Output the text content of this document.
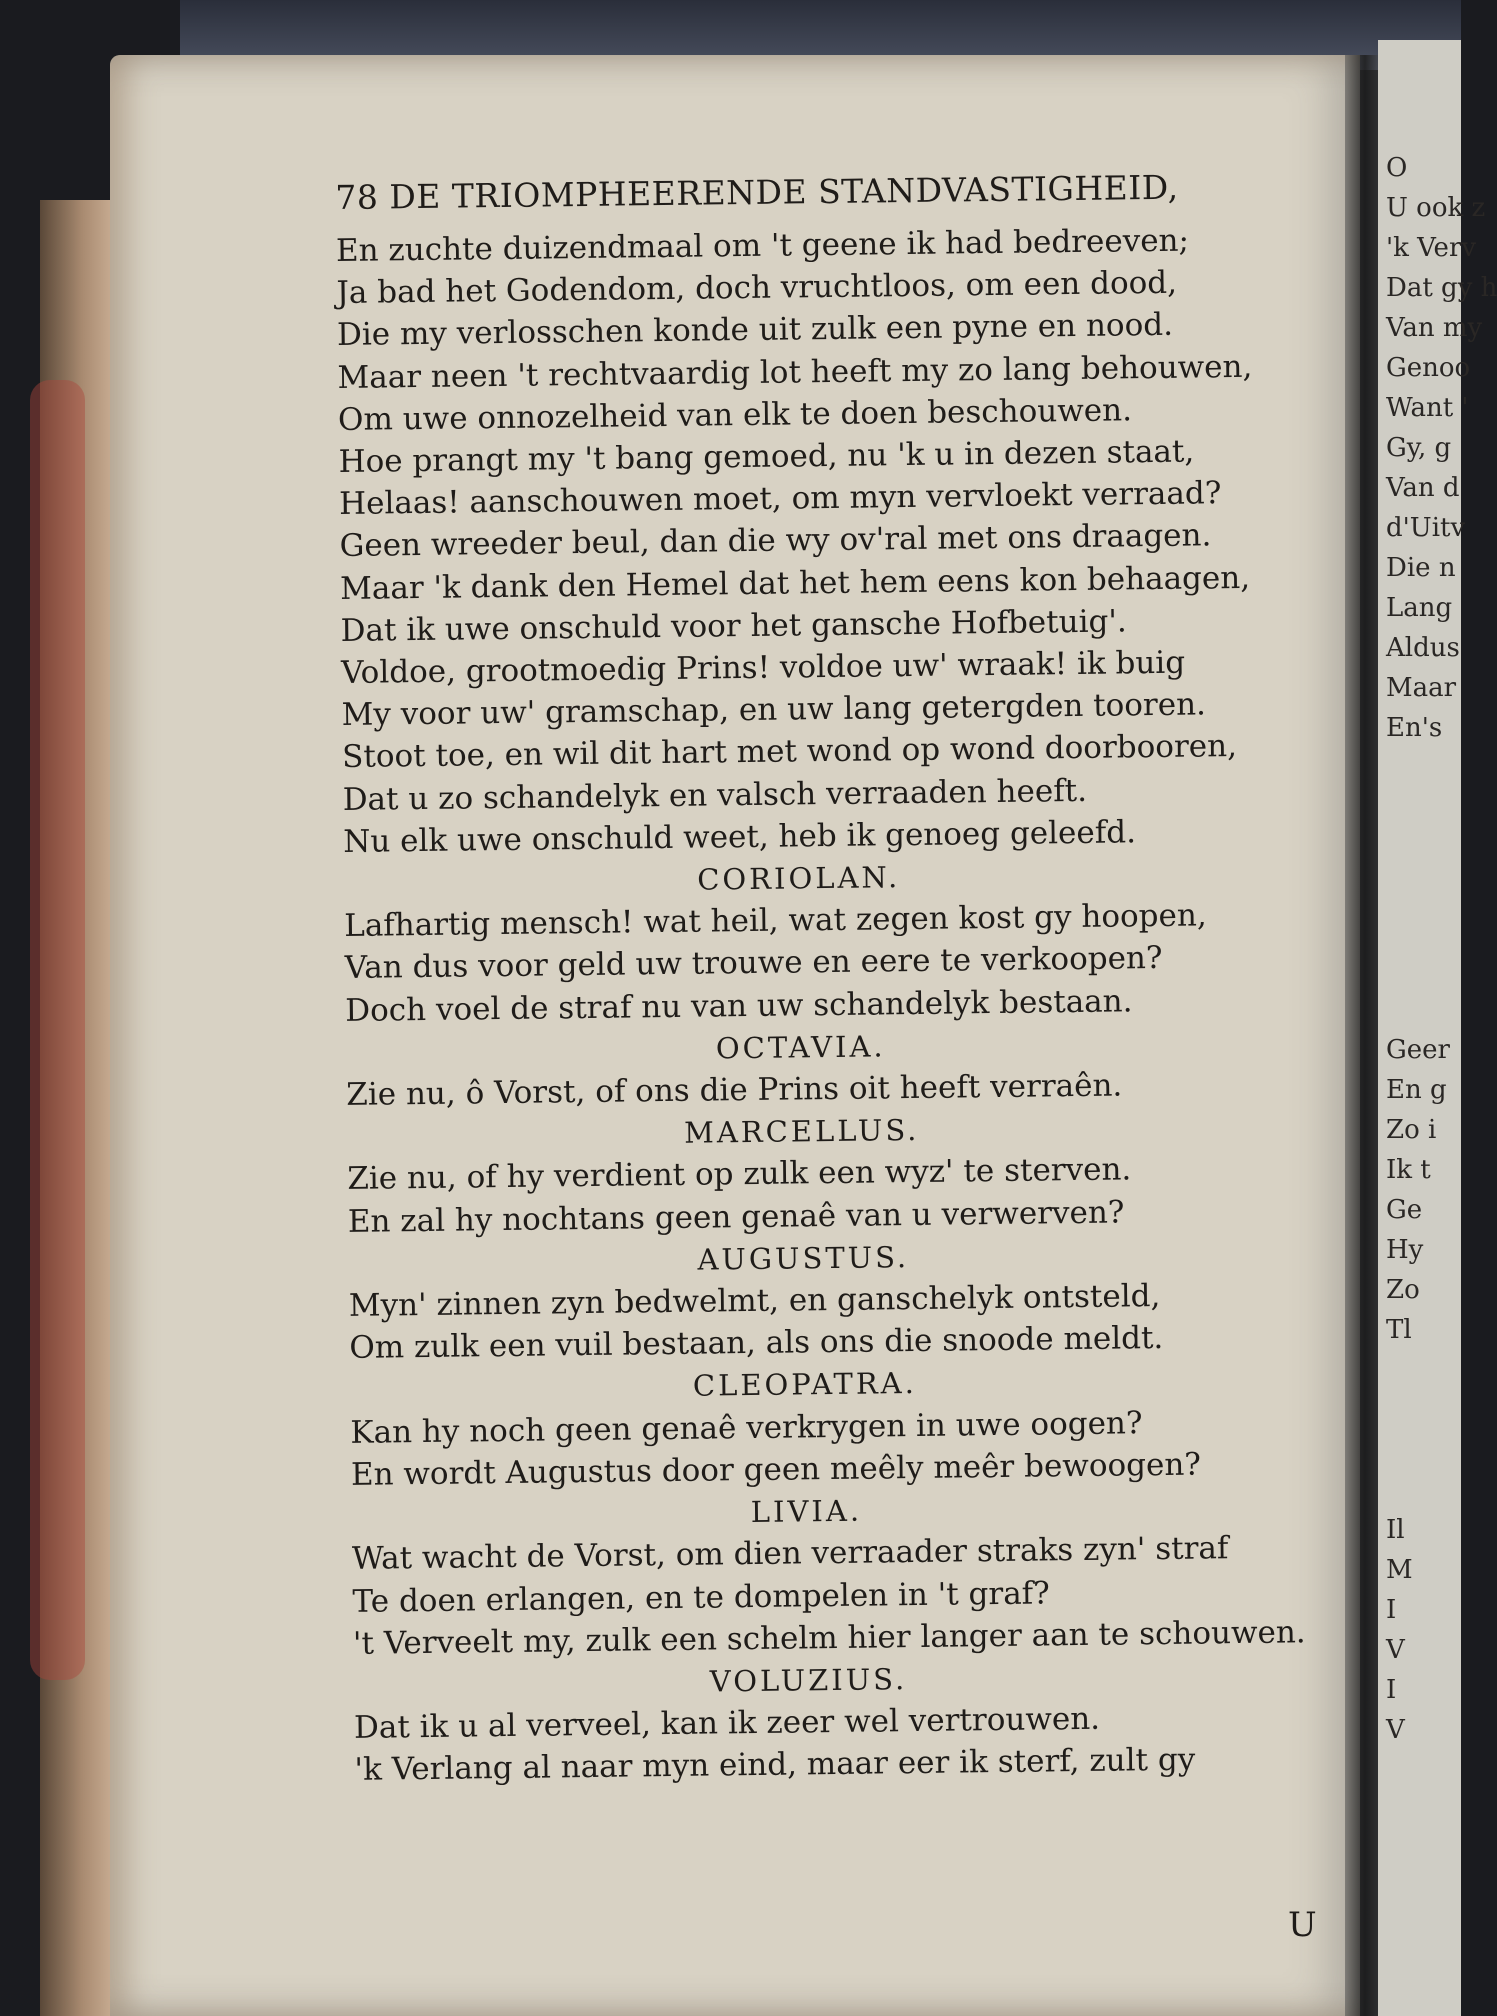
O
U ook z
'k Verv
Dat gy h
Van my
Genoo
Want '
Gy, g
Van d
d'Uitv
Die n
Lang
Aldus
Maar
En's
Geer
En g
Zo i
Ik t
Ge
Hy
Zo
Tl
Il
M
I
V
I
V
78 DE TRIOMPHEERENDE STANDVASTIGHEID,
En zuchte duizendmaal om 't geene ik had bedreeven;
Ja bad het Godendom, doch vruchtloos, om een dood,
Die my verlosschen konde uit zulk een pyne en nood.
Maar neen 't rechtvaardig lot heeft my zo lang behouwen,
Om uwe onnozelheid van elk te doen beschouwen.
Hoe prangt my 't bang gemoed, nu 'k u in dezen staat,
Helaas! aanschouwen moet, om myn vervloekt verraad?
Geen wreeder beul, dan die wy ov'ral met ons draagen.
Maar 'k dank den Hemel dat het hem eens kon behaagen,
Dat ik uwe onschuld voor het gansche Hofbetuig'.
Voldoe, grootmoedig Prins! voldoe uw' wraak! ik buig
My voor uw' gramschap, en uw lang getergden tooren.
Stoot toe, en wil dit hart met wond op wond doorbooren,
Dat u zo schandelyk en valsch verraaden heeft.
Nu elk uwe onschuld weet, heb ik genoeg geleefd.
CORIOLAN.
Lafhartig mensch! wat heil, wat zegen kost gy hoopen,
Van dus voor geld uw trouwe en eere te verkoopen?
Doch voel de straf nu van uw schandelyk bestaan.
OCTAVIA.
Zie nu, ô Vorst, of ons die Prins oit heeft verraên.
MARCELLUS.
Zie nu, of hy verdient op zulk een wyz' te sterven.
En zal hy nochtans geen genaê van u verwerven?
AUGUSTUS.
Myn' zinnen zyn bedwelmt, en ganschelyk ontsteld,
Om zulk een vuil bestaan, als ons die snoode meldt.
CLEOPATRA.
Kan hy noch geen genaê verkrygen in uwe oogen?
En wordt Augustus door geen meêly meêr bewoogen?
LIVIA.
Wat wacht de Vorst, om dien verraader straks zyn' straf
Te doen erlangen, en te dompelen in 't graf?
't Verveelt my, zulk een schelm hier langer aan te schouwen.
VOLUZIUS.
Dat ik u al verveel, kan ik zeer wel vertrouwen.
'k Verlang al naar myn eind, maar eer ik sterf, zult gy
U
